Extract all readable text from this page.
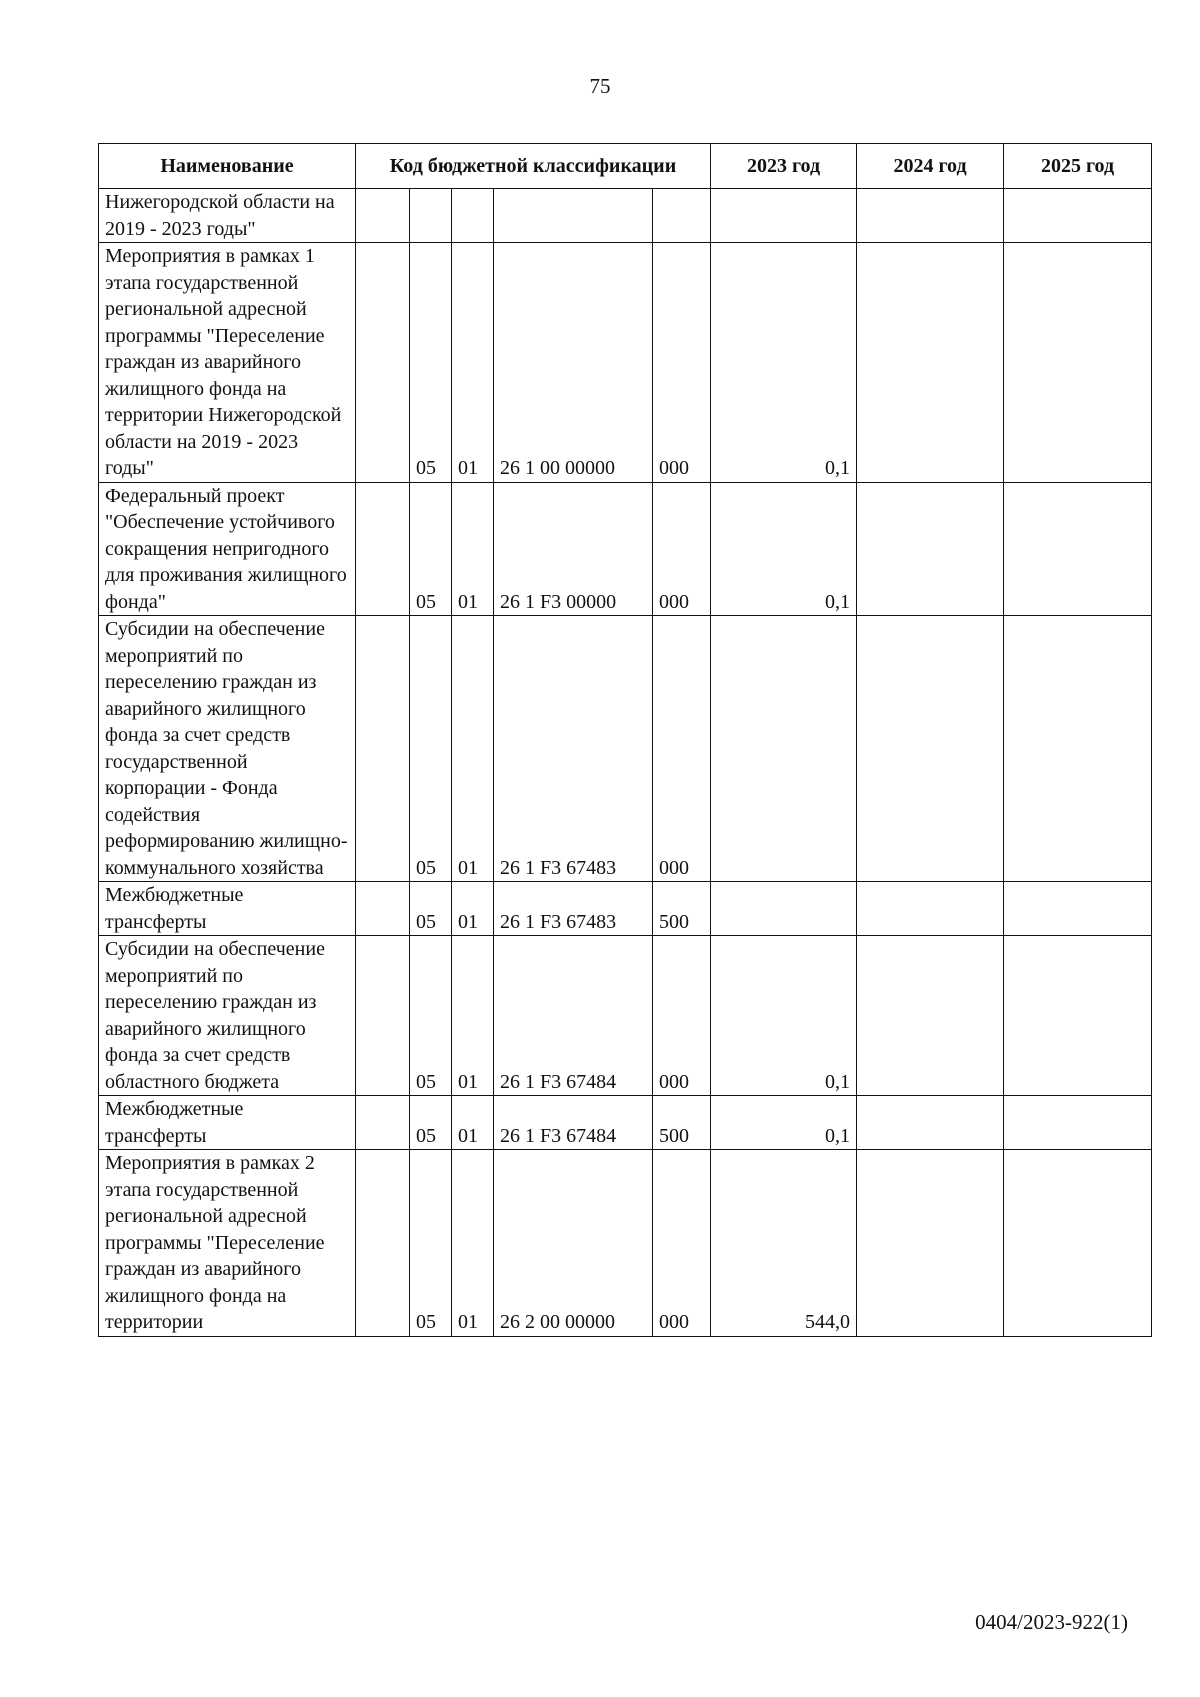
75
Наименование	Код бюджетной классификации					2023 год	2024 год	2025 год
Нижегородской области на 2019 - 2023 годы"								
Мероприятия в рамках 1 этапа государственной региональной адресной программы "Переселение граждан из аварийного жилищного фонда на территории Нижегородской области на 2019 - 2023 годы"		05	01	26 1 00 00000	000	0,1		
Федеральный проект "Обеспечение устойчивого сокращения непригодного для проживания жилищного фонда"		05	01	26 1 F3 00000	000	0,1		
Субсидии на обеспечение мероприятий по переселению граждан из аварийного жилищного фонда за счет средств государственной корпорации - Фонда содействия реформированию жилищно-коммунального хозяйства		05	01	26 1 F3 67483	000			
Межбюджетные трансферты		05	01	26 1 F3 67483	500			
Субсидии на обеспечение мероприятий по переселению граждан из аварийного жилищного фонда за счет средств областного бюджета		05	01	26 1 F3 67484	000	0,1		
Межбюджетные трансферты		05	01	26 1 F3 67484	500	0,1		
Мероприятия в рамках 2 этапа государственной региональной адресной программы "Переселение граждан из аварийного жилищного фонда на территории		05	01	26 2 00 00000	000	544,0		
0404/2023-922(1)
